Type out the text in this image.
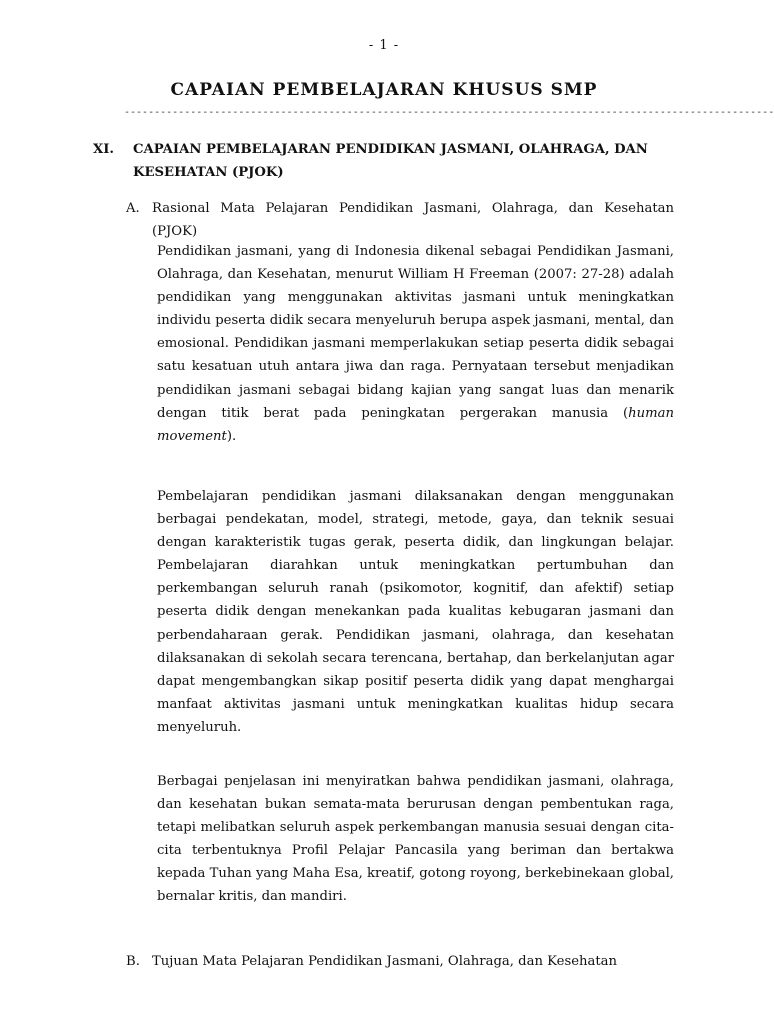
- 1 -
CAPAIAN PEMBELAJARAN KHUSUS SMP
------------------------------------------------------------------------------------------------------------
XI. CAPAIAN PEMBELAJARAN PENDIDIKAN JASMANI, OLAHRAGA, DAN KESEHATAN (PJOK)
A. Rasional Mata Pelajaran Pendidikan Jasmani, Olahraga, dan Kesehatan (PJOK)

Pendidikan jasmani, yang di Indonesia dikenal sebagai Pendidikan Jasmani, Olahraga, dan Kesehatan, menurut William H Freeman (2007: 27-28) adalah pendidikan yang menggunakan aktivitas jasmani untuk meningkatkan individu peserta didik secara menyeluruh berupa aspek jasmani, mental, dan emosional. Pendidikan jasmani memperlakukan setiap peserta didik sebagai satu kesatuan utuh antara jiwa dan raga. Pernyataan tersebut menjadikan pendidikan jasmani sebagai bidang kajian yang sangat luas dan menarik dengan titik berat pada peningkatan pergerakan manusia (human movement).

Pembelajaran pendidikan jasmani dilaksanakan dengan menggunakan berbagai pendekatan, model, strategi, metode, gaya, dan teknik sesuai dengan karakteristik tugas gerak, peserta didik, dan lingkungan belajar. Pembelajaran diarahkan untuk meningkatkan pertumbuhan dan perkembangan seluruh ranah (psikomotor, kognitif, dan afektif) setiap peserta didik dengan menekankan pada kualitas kebugaran jasmani dan perbendaharaan gerak. Pendidikan jasmani, olahraga, dan kesehatan dilaksanakan di sekolah secara terencana, bertahap, dan berkelanjutan agar dapat mengembangkan sikap positif peserta didik yang dapat menghargai manfaat aktivitas jasmani untuk meningkatkan kualitas hidup secara menyeluruh.

Berbagai penjelasan ini menyiratkan bahwa pendidikan jasmani, olahraga, dan kesehatan bukan semata-mata berurusan dengan pembentukan raga, tetapi melibatkan seluruh aspek perkembangan manusia sesuai dengan cita-cita terbentuknya Profil Pelajar Pancasila yang beriman dan bertakwa kepada Tuhan yang Maha Esa, kreatif, gotong royong, berkebinekaan global, bernalar kritis, dan mandiri.

B. Tujuan Mata Pelajaran Pendidikan Jasmani, Olahraga, dan Kesehatan
